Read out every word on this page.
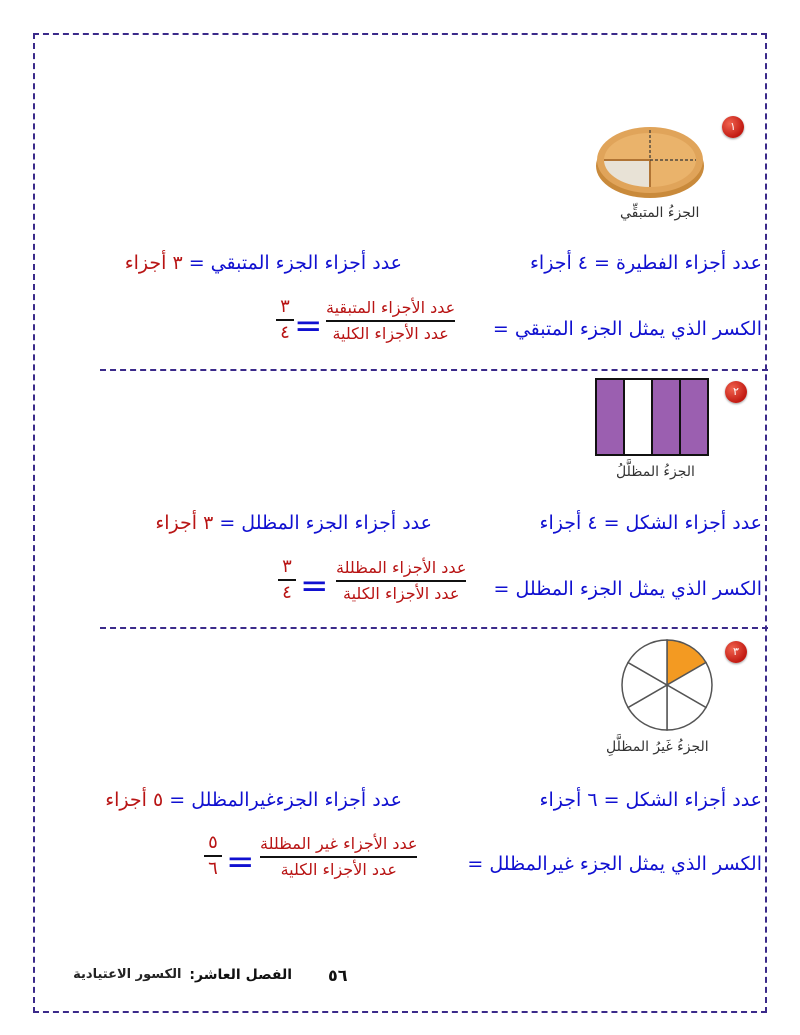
١
الجزءُ المتبقِّي
عدد أجزاء الفطيرة = ٤ أجزاء
عدد أجزاء الجزء المتبقي = ٣ أجزاء
الكسر الذي يمثل الجزء المتبقي =
عدد الأجزاء المتبقية
عدد الأجزاء الكلية
=
٣
٤
٢
الجزءُ المظلَّلُ
عدد أجزاء الشكل = ٤ أجزاء
عدد أجزاء الجزء المظلل = ٣ أجزاء
الكسر الذي يمثل الجزء المظلل =
عدد الأجزاء المظللة
عدد الأجزاء الكلية
=
٣
٤
٣
الجزءُ غَيرُ المظلَّلِ
عدد أجزاء الشكل = ٦ أجزاء
عدد أجزاء الجزءغيرالمظلل = ٥ أجزاء
الكسر الذي يمثل الجزء غيرالمظلل =
عدد الأجزاء غير المظللة
عدد الأجزاء الكلية
=
٥
٦
٥٦
الفصل العاشر:
الكسور الاعتيادية
